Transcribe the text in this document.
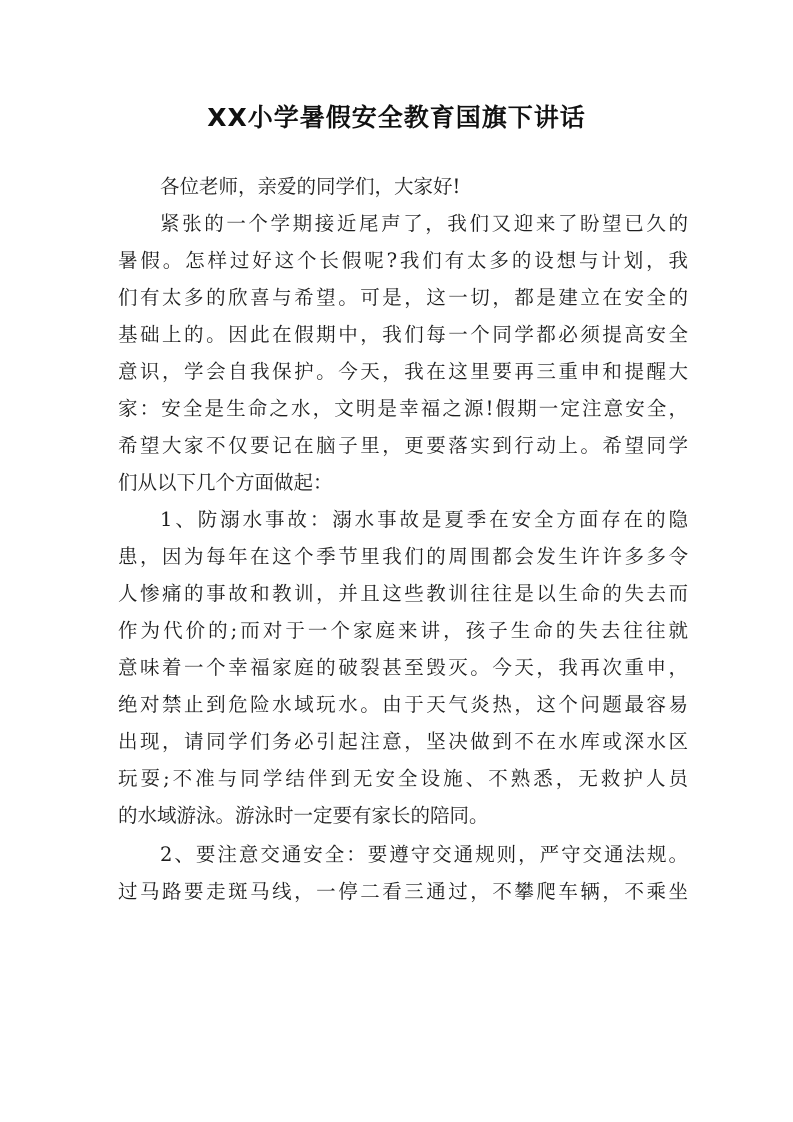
XX小学暑假安全教育国旗下讲话
各位老师，亲爱的同学们，大家好!
紧张的一个学期接近尾声了，我们又迎来了盼望已久的
暑假。怎样过好这个长假呢?我们有太多的设想与计划，我
们有太多的欣喜与希望。可是，这一切，都是建立在安全的
基础上的。因此在假期中，我们每一个同学都必须提高安全
意识，学会自我保护。今天，我在这里要再三重申和提醒大
家：安全是生命之水，文明是幸福之源!假期一定注意安全，
希望大家不仅要记在脑子里，更要落实到行动上。希望同学
们从以下几个方面做起：
1、防溺水事故：溺水事故是夏季在安全方面存在的隐
患，因为每年在这个季节里我们的周围都会发生许许多多令
人惨痛的事故和教训，并且这些教训往往是以生命的失去而
作为代价的;而对于一个家庭来讲，孩子生命的失去往往就
意味着一个幸福家庭的破裂甚至毁灭。今天，我再次重申，
绝对禁止到危险水域玩水。由于天气炎热，这个问题最容易
出现，请同学们务必引起注意，坚决做到不在水库或深水区
玩耍;不准与同学结伴到无安全设施、不熟悉，无救护人员
的水域游泳。游泳时一定要有家长的陪同。
2、要注意交通安全：要遵守交通规则，严守交通法规。
过马路要走斑马线，一停二看三通过，不攀爬车辆，不乘坐
